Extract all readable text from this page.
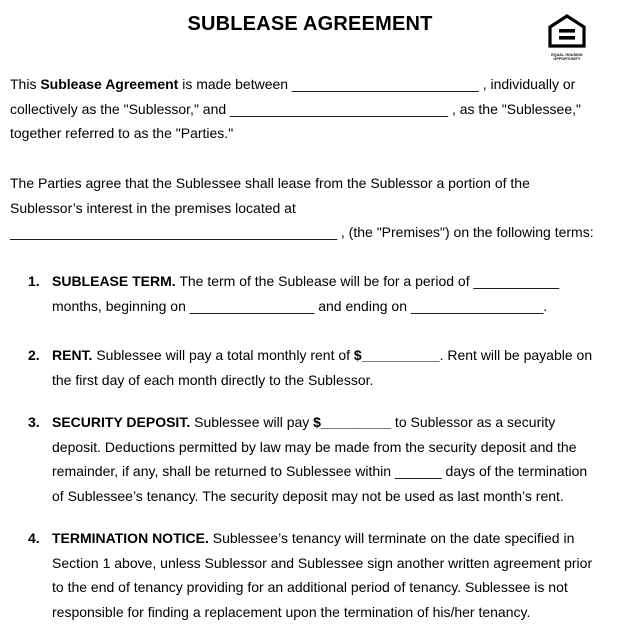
SUBLEASE AGREEMENT
EQUAL HOUSING OPPORTUNITY
This Sublease Agreement is made between ________________________ , individually or
collectively as the "Sublessor," and ____________________________ , as the "Sublessee,"
together referred to as the "Parties."
The Parties agree that the Sublessee shall lease from the Sublessor a portion of the
Sublessor’s interest in the premises located at
__________________________________________ , (the "Premises") on the following terms:
1. SUBLEASE TERM. The term of the Sublease will be for a period of ___________
months, beginning on ________________ and ending on _________________.
2. RENT. Sublessee will pay a total monthly rent of $__________. Rent will be payable on
the first day of each month directly to the Sublessor.
3. SECURITY DEPOSIT. Sublessee will pay $_________ to Sublessor as a security
deposit. Deductions permitted by law may be made from the security deposit and the
remainder, if any, shall be returned to Sublessee within ______ days of the termination
of Sublessee’s tenancy. The security deposit may not be used as last month’s rent.
4. TERMINATION NOTICE. Sublessee’s tenancy will terminate on the date specified in
Section 1 above, unless Sublessor and Sublessee sign another written agreement prior
to the end of tenancy providing for an additional period of tenancy. Sublessee is not
responsible for finding a replacement upon the termination of his/her tenancy.
